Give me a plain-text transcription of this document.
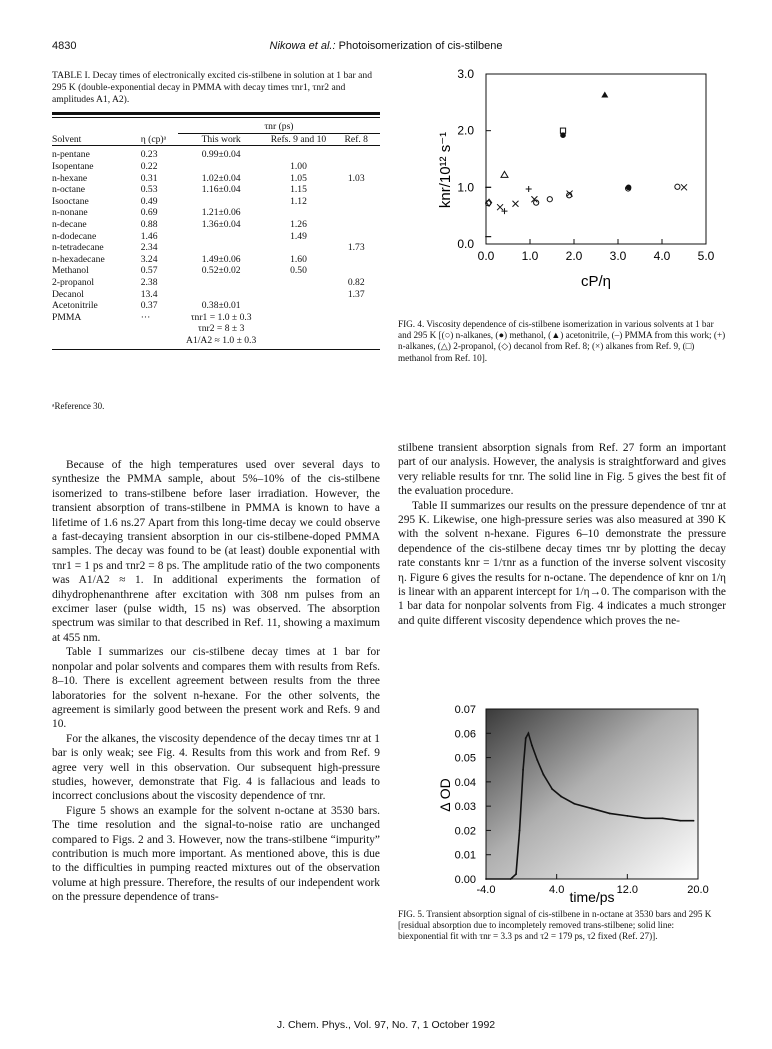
4830	Nikowa et al.: Photoisomerization of cis-stilbene
TABLE I. Decay times of electronically excited cis-stilbene in solution at 1 bar and 295 K (double-exponential decay in PMMA with decay times τnr1, τnr2 and amplitudes A1, A2).
		τnr (ps)		
Solvent	η (cp)ᵃ	This work	Refs. 9 and 10	Ref. 8
n-pentane	0.23	0.99±0.04		
Isopentane	0.22		1.00	
n-hexane	0.31	1.02±0.04	1.05	1.03
n-octane	0.53	1.16±0.04	1.15	
Isooctane	0.49		1.12	
n-nonane	0.69	1.21±0.06		
n-decane	0.88	1.36±0.04	1.26	
n-dodecane	1.46		1.49	
n-tetradecane	2.34			1.73
n-hexadecane	3.24	1.49±0.06	1.60	
Methanol	0.57	0.52±0.02	0.50	
2-propanol	2.38			0.82
Decanol	13.4			1.37
Acetonitrile	0.37	0.38±0.01		
PMMA	···	τnr1 = 1.0 ± 0.3		
		τnr2 = 8 ± 3		
		A1/A2 ≈ 1.0 ± 0.3		
ᵃReference 30.

Because of the high temperatures used over several days to synthesize the PMMA sample, about 5%–10% of the cis-stilbene isomerized to trans-stilbene before laser irradiation. However, the transient absorption of trans-stilbene in PMMA is known to have a lifetime of 1.6 ns.27 Apart from this long-time decay we could observe a fast-decaying transient absorption in our cis-stilbene-doped PMMA samples. The decay was found to be (at least) double exponential with τnr1 = 1 ps and τnr2 = 8 ps. The amplitude ratio of the two components was A1/A2 ≈ 1. In additional experiments the formation of dihydrophenanthrene after excitation with 308 nm pulses from an excimer laser (pulse width, 15 ns) was observed. The absorption spectrum was similar to that described in Ref. 11, showing a maximum at 455 nm.

Table I summarizes our cis-stilbene decay times at 1 bar for nonpolar and polar solvents and compares them with results from Refs. 8–10. There is excellent agreement between results from the three laboratories for the solvent n-hexane. For the other solvents, the agreement is similarly good between the present work and Refs. 9 and 10.

For the alkanes, the viscosity dependence of the decay times τnr at 1 bar is only weak; see Fig. 4. Results from this work and from Ref. 9 agree very well in this observation. Our subsequent high-pressure studies, however, demonstrate that Fig. 4 is fallacious and leads to incorrect conclusions about the viscosity dependence of τnr.

Figure 5 shows an example for the solvent n-octane at 3530 bars. The time resolution and the signal-to-noise ratio are unchanged compared to Figs. 2 and 3. However, now the trans-stilbene “impurity” contribution is much more important. As mentioned above, this is due to the difficulties in pumping reacted mixtures out of the observation volume at high pressure. Therefore, the results of our independent work on the pressure dependence of trans-

0.0 1.0 2.0 3.0 4.0 5.0
0.0
1.0
2.0
3.0
knr/10¹² s⁻¹
cP/η
FIG. 4. Viscosity dependence of cis-stilbene isomerization in various solvents at 1 bar and 295 K [(○) n-alkanes, (●) methanol, (▲) acetonitrile, (–) PMMA from this work; (+) n-alkanes, (△) 2-propanol, (◇) decanol from Ref. 8; (×) alkanes from Ref. 9, (□) methanol from Ref. 10].

stilbene transient absorption signals from Ref. 27 form an important part of our analysis. However, the analysis is straightforward and gives very reliable results for τnr. The solid line in Fig. 5 gives the best fit of the evaluation procedure.

Table II summarizes our results on the pressure dependence of τnr at 295 K. Likewise, one high-pressure series was also measured at 390 K with the solvent n-hexane. Figures 6–10 demonstrate the pressure dependence of the cis-stilbene decay times τnr by plotting the decay rate constants knr = 1/τnr as a function of the inverse solvent viscosity η. Figure 6 gives the results for n-octane. The dependence of knr on 1/η is linear with an apparent intercept for 1/η→0. The comparison with the 1 bar data for nonpolar solvents from Fig. 4 indicates a much stronger and quite different viscosity dependence which proves the ne-

-4.0	4.0	12.0	20.0
0.00
0.01
0.02
0.03
0.04
0.05
0.06
0.07
Δ OD
time/ps
FIG. 5. Transient absorption signal of cis-stilbene in n-octane at 3530 bars and 295 K [residual absorption due to incompletely removed trans-stilbene; solid line: biexponential fit with τnr = 3.3 ps and τ2 = 179 ps, τ2 fixed (Ref. 27)].
J. Chem. Phys., Vol. 97, No. 7, 1 October 1992
